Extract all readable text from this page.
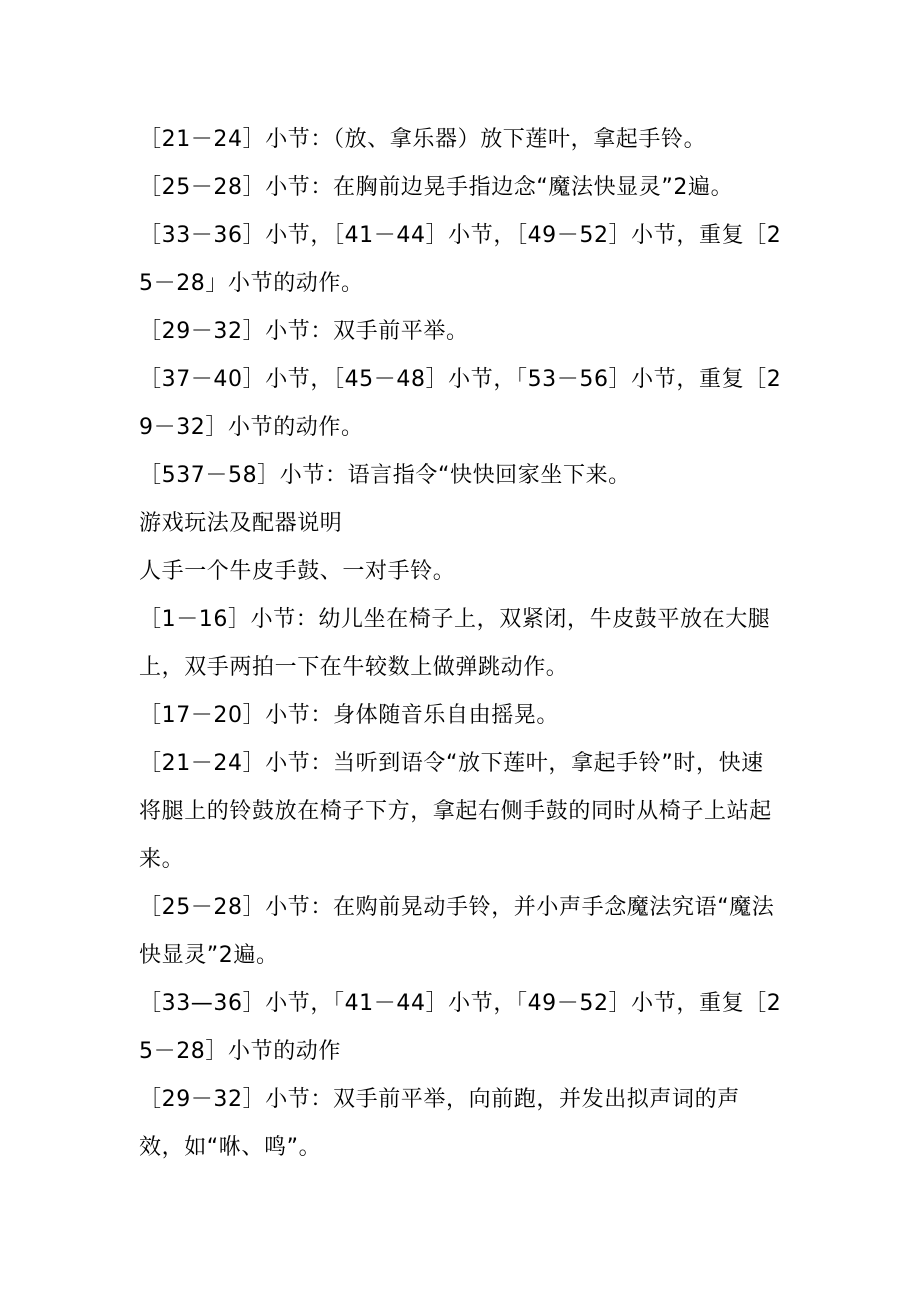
［21－24］小节：（放、拿乐器）放下莲叶，拿起手铃。

［25－28］小节：在胸前边晃手指边念“魔法快显灵”2遍。

［33－36］小节，［41－44］小节，［49－52］小节，重复［25－28」小节的动作。

［29－32］小节：双手前平举。

［37－40］小节，［45－48］小节，「53－56］小节，重复［29－32］小节的动作。

［537－58］小节：语言指令“快快回家坐下来。

游戏玩法及配器说明

人手一个牛皮手鼓、一对手铃。

［1－16］小节：幼儿坐在椅子上，双紧闭，牛皮鼓平放在大腿上，双手两拍一下在牛较数上做弹跳动作。

［17－20］小节：身体随音乐自由摇晃。

［21－24］小节：当听到语令“放下莲叶，拿起手铃”时，快速将腿上的铃鼓放在椅子下方，拿起右侧手鼓的同时从椅子上站起来。

［25－28］小节：在购前晃动手铃，并小声手念魔法究语“魔法快显灵”2遍。

［33—36］小节，「41－44］小节，「49－52］小节，重复［25－28］小节的动作

［29－32］小节：双手前平举，向前跑，并发出拟声词的声效，如“咻、鸣”。
